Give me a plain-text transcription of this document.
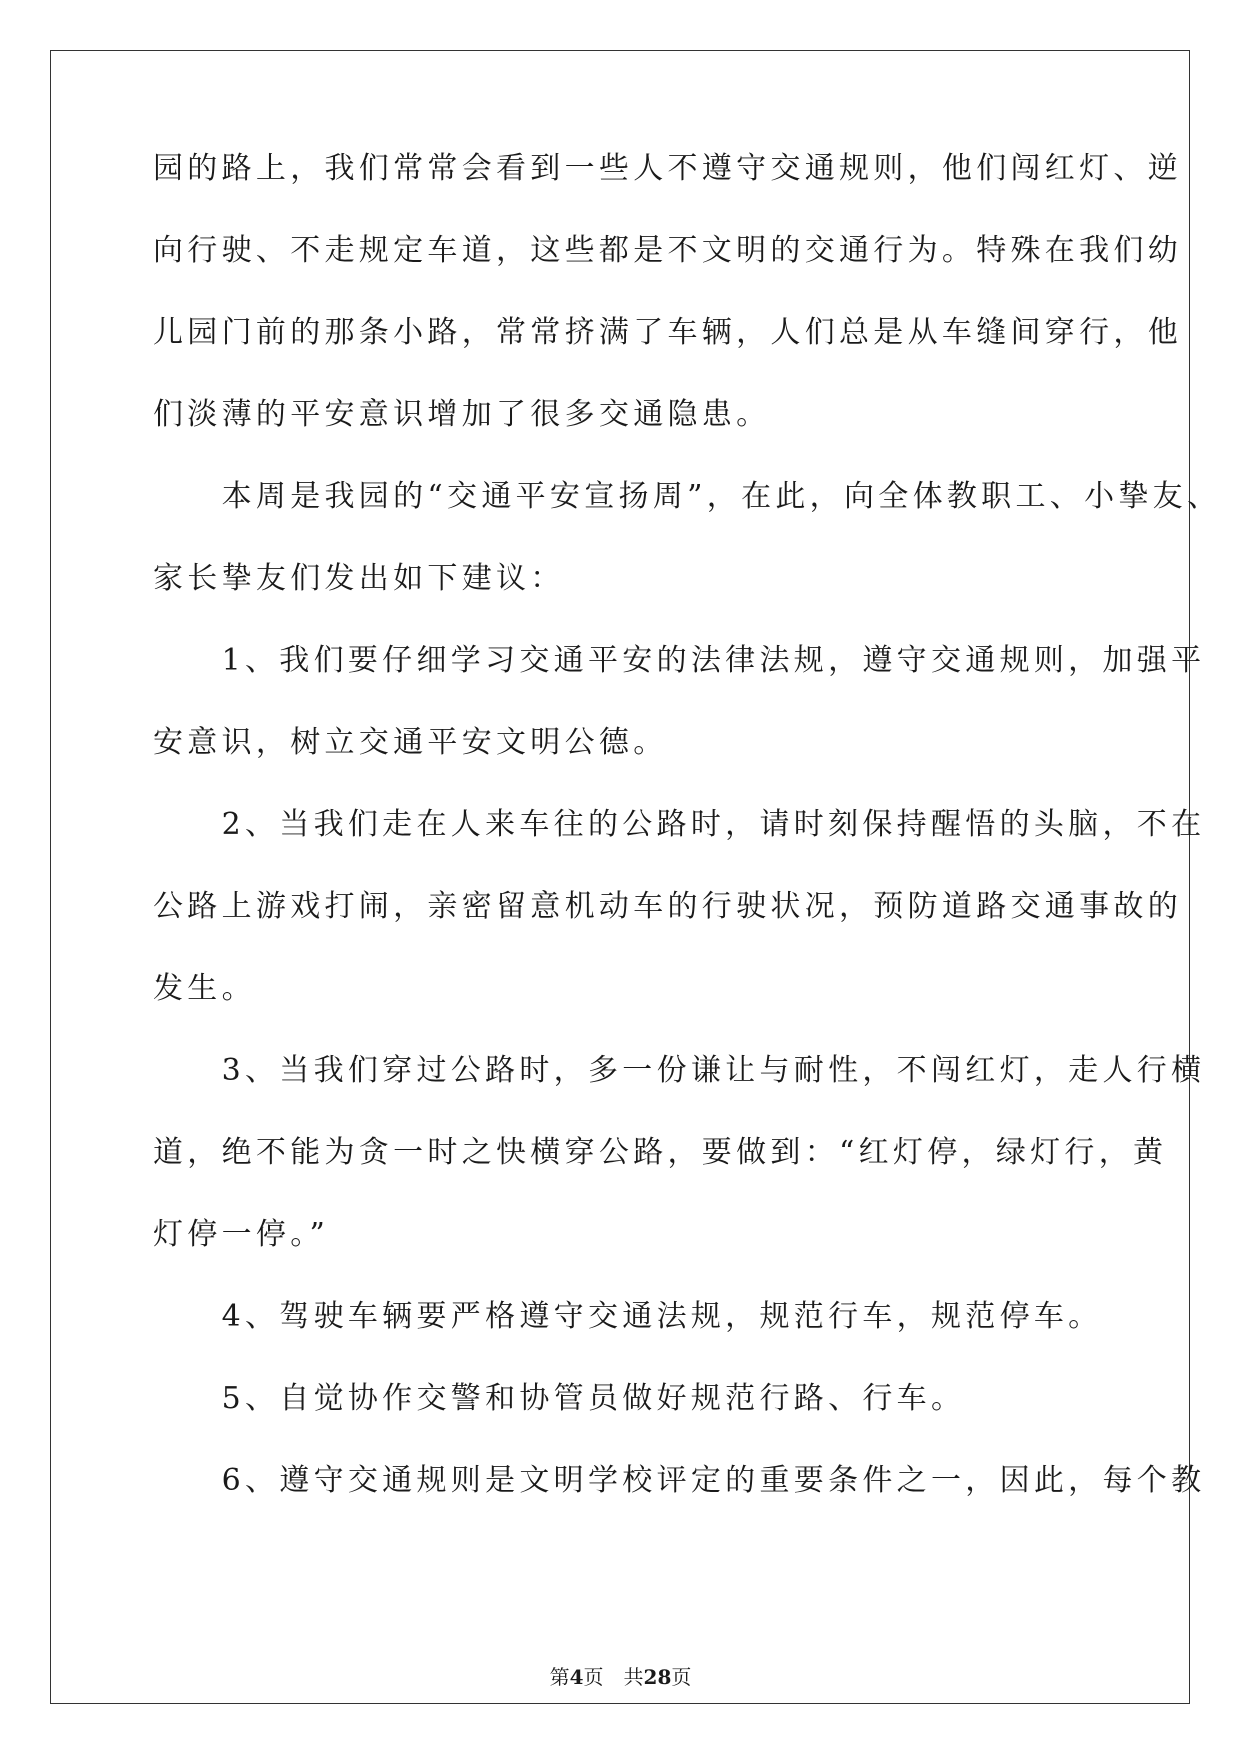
园的路上，我们常常会看到一些人不遵守交通规则，他们闯红灯、逆

向行驶、不走规定车道，这些都是不文明的交通行为。特殊在我们幼

儿园门前的那条小路，常常挤满了车辆，人们总是从车缝间穿行，他

们淡薄的平安意识增加了很多交通隐患。

　　本周是我园的“交通平安宣扬周”，在此，向全体教职工、小挚友、

家长挚友们发出如下建议：

　　1、我们要仔细学习交通平安的法律法规，遵守交通规则，加强平

安意识，树立交通平安文明公德。

　　2、当我们走在人来车往的公路时，请时刻保持醒悟的头脑，不在

公路上游戏打闹，亲密留意机动车的行驶状况，预防道路交通事故的

发生。

　　3、当我们穿过公路时，多一份谦让与耐性，不闯红灯，走人行横

道，绝不能为贪一时之快横穿公路，要做到：“红灯停，绿灯行，黄

灯停一停。”

　　4、驾驶车辆要严格遵守交通法规，规范行车，规范停车。

　　5、自觉协作交警和协管员做好规范行路、行车。

　　6、遵守交通规则是文明学校评定的重要条件之一，因此，每个教

第4页　共28页
